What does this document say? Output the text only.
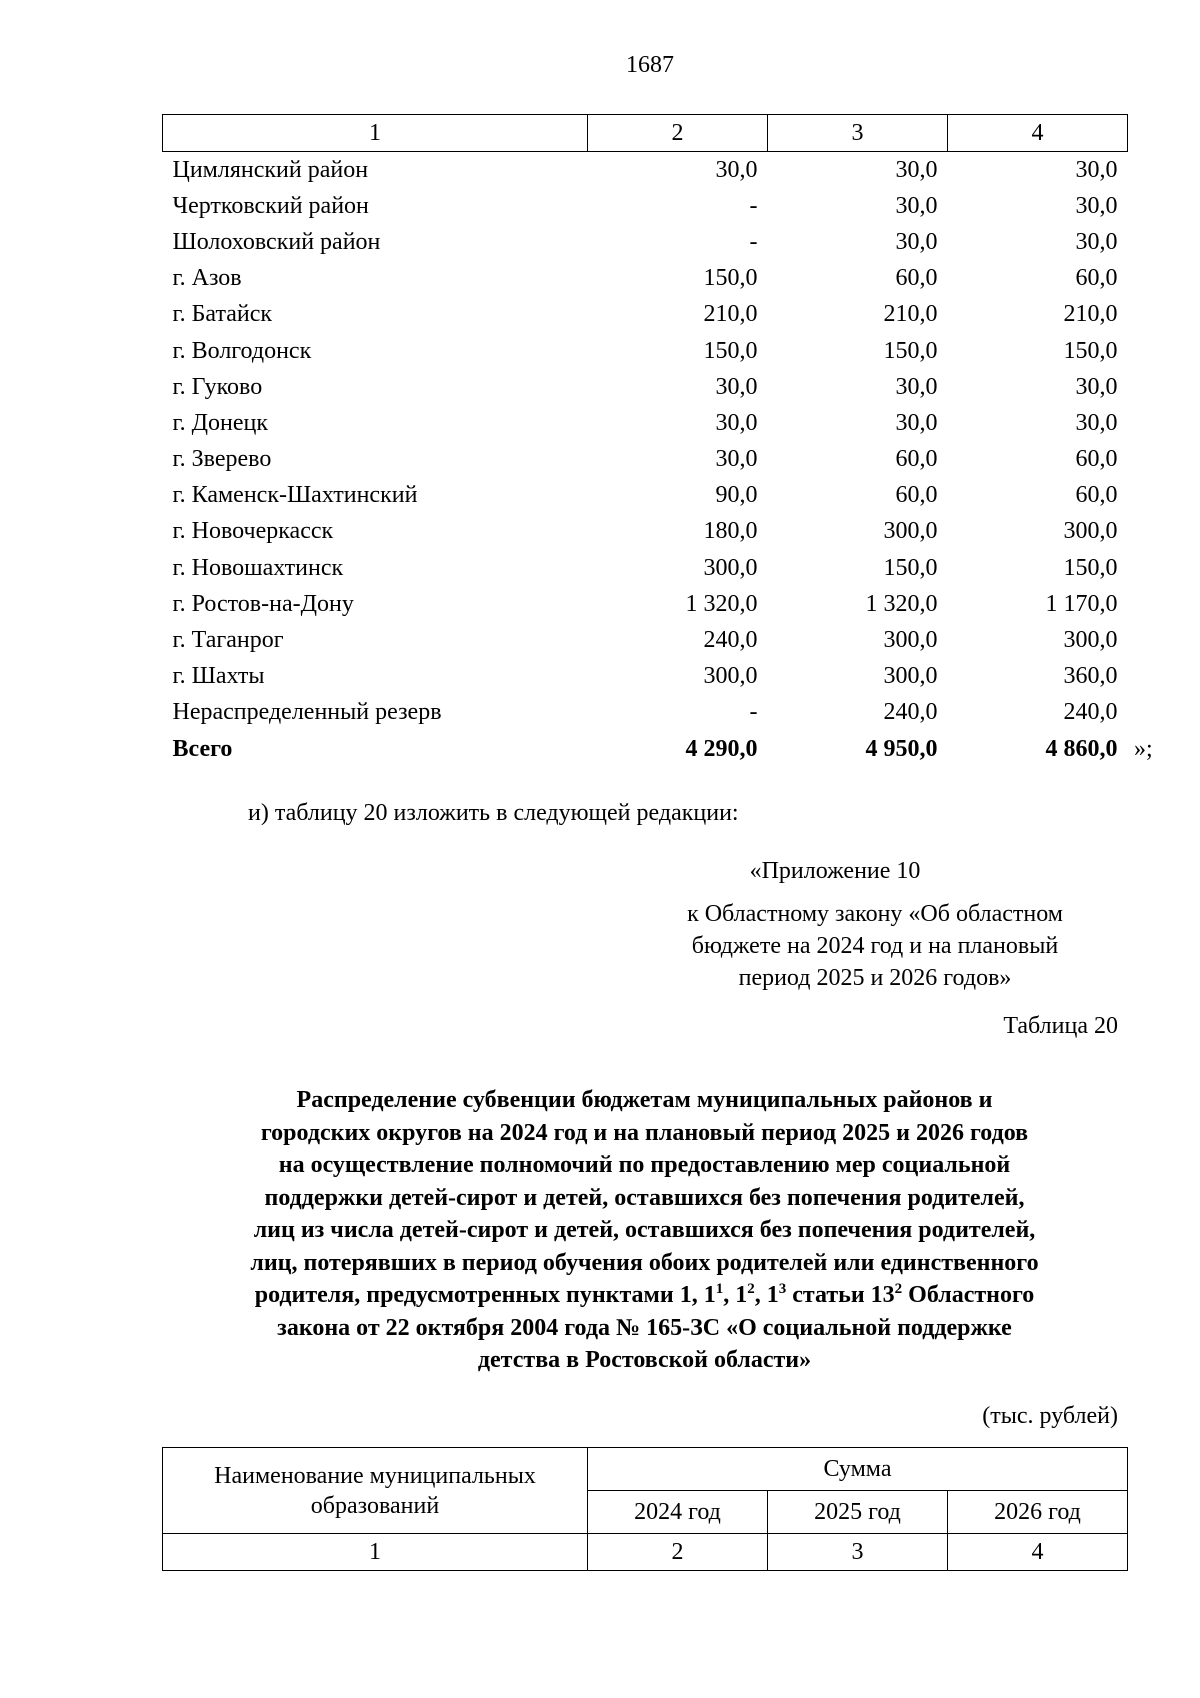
1687
1	2	3	4
Цимлянский район	30,0	30,0	30,0
Чертковский район	-	30,0	30,0
Шолоховский район	-	30,0	30,0
г. Азов	150,0	60,0	60,0
г. Батайск	210,0	210,0	210,0
г. Волгодонск	150,0	150,0	150,0
г. Гуково	30,0	30,0	30,0
г. Донецк	30,0	30,0	30,0
г. Зверево	30,0	60,0	60,0
г. Каменск-Шахтинский	90,0	60,0	60,0
г. Новочеркасск	180,0	300,0	300,0
г. Новошахтинск	300,0	150,0	150,0
г. Ростов-на-Дону	1 320,0	1 320,0	1 170,0
г. Таганрог	240,0	300,0	300,0
г. Шахты	300,0	300,0	360,0
Нераспределенный резерв	-	240,0	240,0
Всего	4 290,0	4 950,0	4 860,0 »;
и) таблицу 20 изложить в следующей редакции:
«Приложение 10
к Областному закону «Об областном
бюджете на 2024 год и на плановый
период 2025 и 2026 годов»
Таблица 20
Распределение субвенции бюджетам муниципальных районов и
городских округов на 2024 год и на плановый период 2025 и 2026 годов
на осуществление полномочий по предоставлению мер социальной
поддержки детей-сирот и детей, оставшихся без попечения родителей,
лиц из числа детей-сирот и детей, оставшихся без попечения родителей,
лиц, потерявших в период обучения обоих родителей или единственного
родителя, предусмотренных пунктами 1, $1^1$, $1^2$, $1^3$ статьи $13^2$ Областного
закона от 22 октября 2004 года № 165-ЗС «О социальной поддержке
детства в Ростовской области»
(тыс. рублей)
Наименование муниципальных
образований	Сумма		
	2024 год	2025 год	2026 год
1	2	3	4
